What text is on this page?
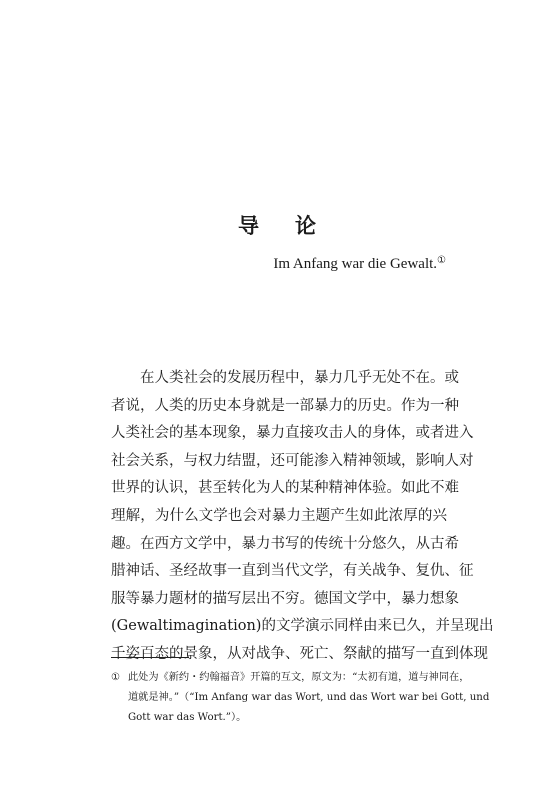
导 论
Im Anfang war die Gewalt.①
　　在人类社会的发展历程中，暴力几乎无处不在。或
者说，人类的历史本身就是一部暴力的历史。作为一种
人类社会的基本现象，暴力直接攻击人的身体，或者进入
社会关系，与权力结盟，还可能渗入精神领域，影响人对
世界的认识，甚至转化为人的某种精神体验。如此不难
理解，为什么文学也会对暴力主题产生如此浓厚的兴
趣。在西方文学中，暴力书写的传统十分悠久，从古希
腊神话、圣经故事一直到当代文学，有关战争、复仇、征
服等暴力题材的描写层出不穷。德国文学中，暴力想象
(Gewaltimagination)的文学演示同样由来已久，并呈现出
千姿百态的景象，从对战争、死亡、祭献的描写一直到体现
① 此处为《新约・约翰福音》开篇的互文，原文为：“太初有道，道与神同在，
道就是神。”（“Im Anfang war das Wort, und das Wort war bei Gott, und
Gott war das Wort.”）。
